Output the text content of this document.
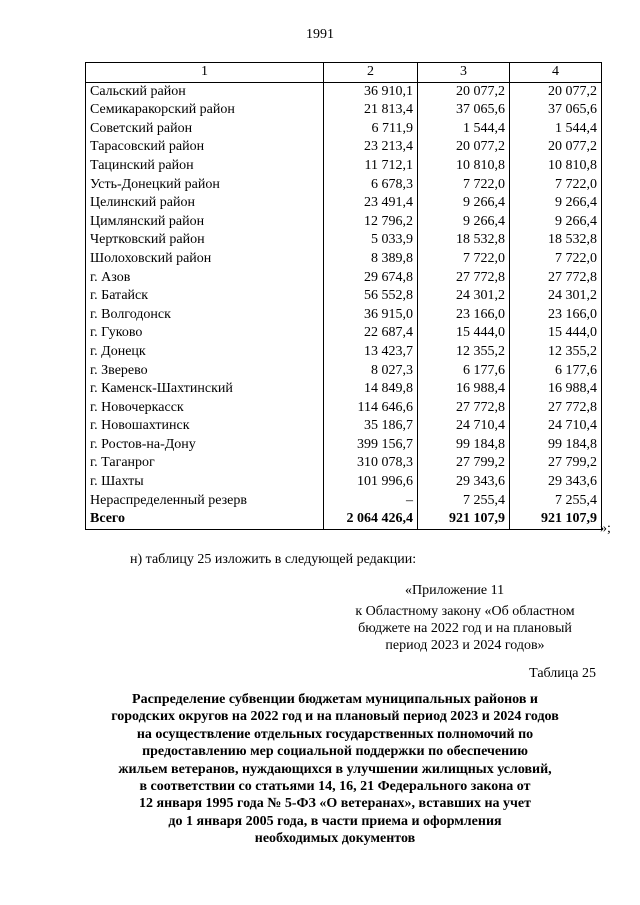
1991
1	2	3	4
Сальский район	36 910,1	20 077,2	20 077,2
Семикаракорский район	21 813,4	37 065,6	37 065,6
Советский район	6 711,9	1 544,4	1 544,4
Тарасовский район	23 213,4	20 077,2	20 077,2
Тацинский район	11 712,1	10 810,8	10 810,8
Усть-Донецкий район	6 678,3	7 722,0	7 722,0
Целинский район	23 491,4	9 266,4	9 266,4
Цимлянский район	12 796,2	9 266,4	9 266,4
Чертковский район	5 033,9	18 532,8	18 532,8
Шолоховский район	8 389,8	7 722,0	7 722,0
г. Азов	29 674,8	27 772,8	27 772,8
г. Батайск	56 552,8	24 301,2	24 301,2
г. Волгодонск	36 915,0	23 166,0	23 166,0
г. Гуково	22 687,4	15 444,0	15 444,0
г. Донецк	13 423,7	12 355,2	12 355,2
г. Зверево	8 027,3	6 177,6	6 177,6
г. Каменск-Шахтинский	14 849,8	16 988,4	16 988,4
г. Новочеркасск	114 646,6	27 772,8	27 772,8
г. Новошахтинск	35 186,7	24 710,4	24 710,4
г. Ростов-на-Дону	399 156,7	99 184,8	99 184,8
г. Таганрог	310 078,3	27 799,2	27 799,2
г. Шахты	101 996,6	29 343,6	29 343,6
Нераспределенный резерв	–	7 255,4	7 255,4
Всего	2 064 426,4	921 107,9	921 107,9
»;
н) таблицу 25 изложить в следующей редакции:
«Приложение 11
к Областному закону «Об областном
бюджете на 2022 год и на плановый
период 2023 и 2024 годов»
Таблица 25
Распределение субвенции бюджетам муниципальных районов и
городских округов на 2022 год и на плановый период 2023 и 2024 годов
на осуществление отдельных государственных полномочий по
предоставлению мер социальной поддержки по обеспечению
жильем ветеранов, нуждающихся в улучшении жилищных условий,
в соответствии со статьями 14, 16, 21 Федерального закона от
12 января 1995 года № 5-ФЗ «О ветеранах», вставших на учет
до 1 января 2005 года, в части приема и оформления
необходимых документов
